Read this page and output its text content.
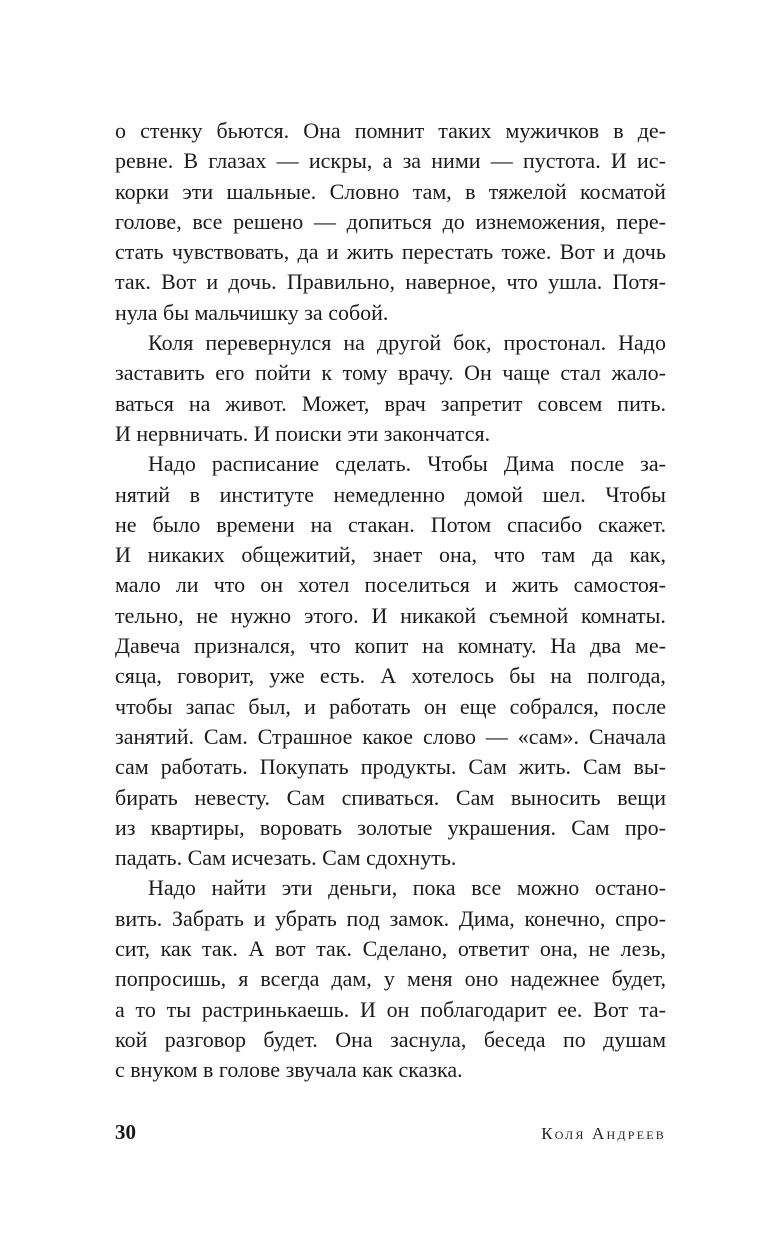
о стенку бьются. Она помнит таких мужичков в де-
ревне. В глазах — искры, а за ними — пустота. И ис-
корки эти шальные. Словно там, в тяжелой косматой
голове, все решено — допиться до изнеможения, пере-
стать чувствовать, да и жить перестать тоже. Вот и дочь
так. Вот и дочь. Правильно, наверное, что ушла. Потя-
нула бы мальчишку за собой.
Коля перевернулся на другой бок, простонал. Надо
заставить его пойти к тому врачу. Он чаще стал жало-
ваться на живот. Может, врач запретит совсем пить.
И нервничать. И поиски эти закончатся.
Надо расписание сделать. Чтобы Дима после за-
нятий в институте немедленно домой шел. Чтобы
не было времени на стакан. Потом спасибо скажет.
И никаких общежитий, знает она, что там да как,
мало ли что он хотел поселиться и жить самостоя-
тельно, не нужно этого. И никакой съемной комнаты.
Давеча признался, что копит на комнату. На два ме-
сяца, говорит, уже есть. А хотелось бы на полгода,
чтобы запас был, и работать он еще собрался, после
занятий. Сам. Страшное какое слово — «сам». Сначала
сам работать. Покупать продукты. Сам жить. Сам вы-
бирать невесту. Сам спиваться. Сам выносить вещи
из квартиры, воровать золотые украшения. Сам про-
падать. Сам исчезать. Сам сдохнуть.
Надо найти эти деньги, пока все можно остано-
вить. Забрать и убрать под замок. Дима, конечно, спро-
сит, как так. А вот так. Сделано, ответит она, не лезь,
попросишь, я всегда дам, у меня оно надежнее будет,
а то ты растринькаешь. И он поблагодарит ее. Вот та-
кой разговор будет. Она заснула, беседа по душам
с внуком в голове звучала как сказка.
30	Коля Андреев
